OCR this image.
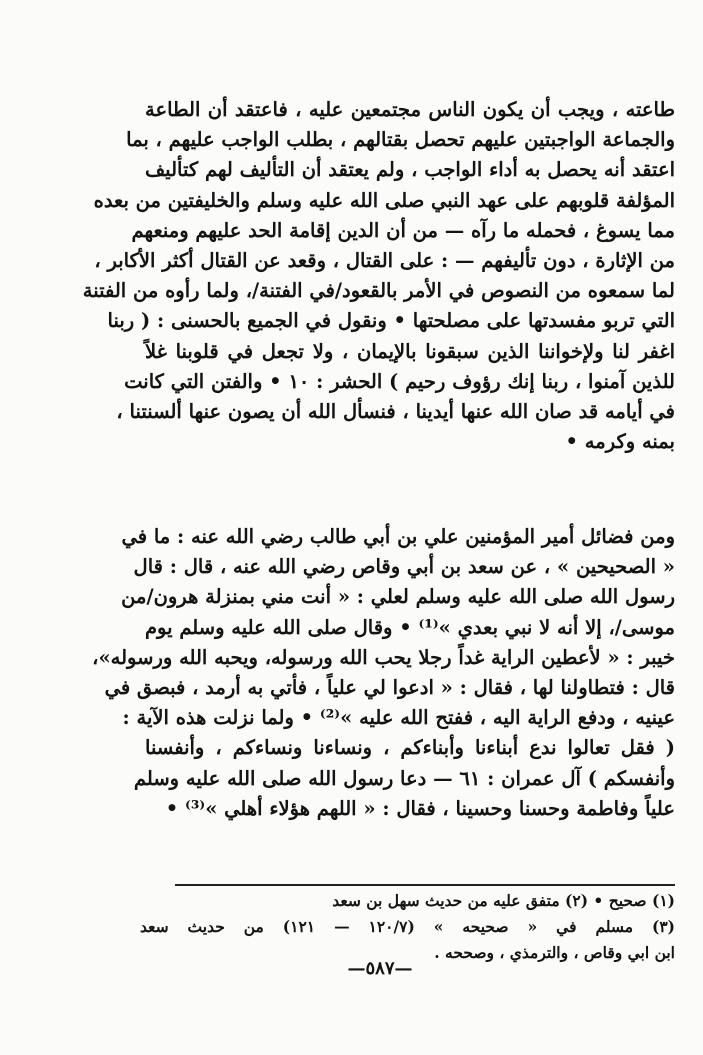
طاعته ، ويجب أن يكون الناس مجتمعين عليه ، فاعتقد أن الطاعة
والجماعة الواجبتين عليهم تحصل بقتالهم ، بطلب الواجب عليهم ، بما
اعتقد أنه يحصل به أداء الواجب ، ولم يعتقد أن التأليف لهم كتأليف
المؤلفة قلوبهم على عهد النبي صلى الله عليه وسلم والخليفتين من بعده
مما يسوغ ، فحمله ما رآه — من أن الدين إقامة الحد عليهم ومنعهم
من الإثارة ، دون تأليفهم — : على القتال ، وقعد عن القتال أكثر الأكابر ،
لما سمعوه من النصوص في الأمر بالقعود/في الفتنة/، ولما رأوه من الفتنة
التي تربو مفسدتها على مصلحتها • ونقول في الجميع بالحسنى : ( ربنا
اغفر لنا ولإخواننا الذين سبقونا بالإيمان ، ولا تجعل في قلوبنا غلاً
للذين آمنوا ، ربنا إنك رؤوف رحيم ) الحشر : ١٠ • والفتن التي كانت
في أيامه قد صان الله عنها أيدينا ، فنسأل الله أن يصون عنها ألسنتنا ،
بمنه وكرمه •
ومن فضائل أمير المؤمنين علي بن أبي طالب رضي الله عنه : ما في
« الصحيحين » ، عن سعد بن أبي وقاص رضي الله عنه ، قال : قال
رسول الله صلى الله عليه وسلم لعلي : « أنت مني بمنزلة هرون/من
موسى/، إلا أنه لا نبي بعدي »⁽¹⁾ • وقال صلى الله عليه وسلم يوم
خيبر : « لأعطين الراية غداً رجلا يحب الله ورسوله، ويحبه الله ورسوله»،
قال : فتطاولنا لها ، فقال : « ادعوا لي علياً ، فأتي به أرمد ، فبصق في
عينيه ، ودفع الراية اليه ، ففتح الله عليه »⁽²⁾ • ولما نزلت هذه الآية :
( فقل تعالوا ندع أبناءنا وأبناءكم ، ونساءنا ونساءكم ، وأنفسنا
وأنفسكم ) آل عمران : ٦١ — دعا رسول الله صلى الله عليه وسلم
علياً وفاطمة وحسنا وحسينا ، فقال : « اللهم هؤلاء أهلي »⁽³⁾ •
(١) صحيح • (٢) متفق عليه من حديث سهل بن سعد
(٣) مسلم في « صحيحه » (١٢٠/٧ — ١٢١) من حديث سعد
ابن ابي وقاص ، والترمذي ، وصححه .
—٥٨٧—
